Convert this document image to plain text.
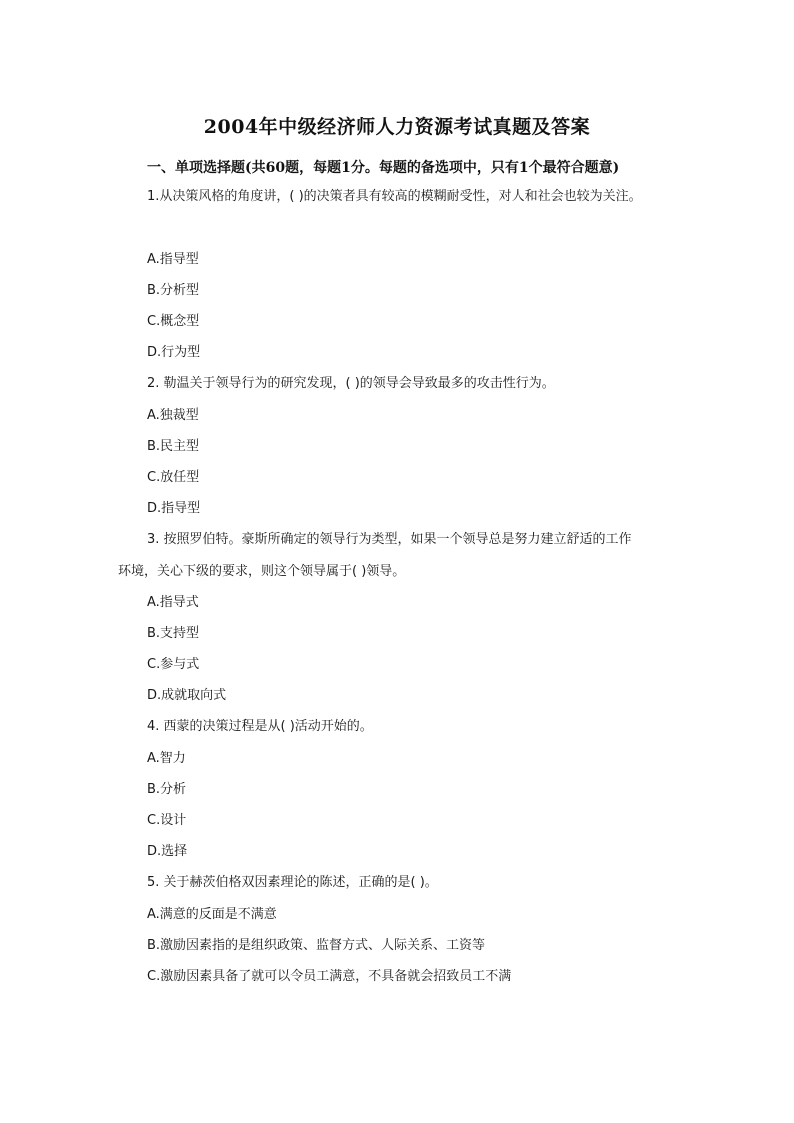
2004年中级经济师人力资源考试真题及答案
一、单项选择题(共60题，每题1分。每题的备选项中，只有1个最符合题意)

1.从决策风格的角度讲，( )的决策者具有较高的模糊耐受性，对人和社会也较为关注。

A.指导型

B.分析型

C.概念型

D.行为型

2. 勒温关于领导行为的研究发现，( )的领导会导致最多的攻击性行为。

A.独裁型

B.民主型

C.放任型

D.指导型

3. 按照罗伯特。豪斯所确定的领导行为类型，如果一个领导总是努力建立舒适的工作

环境，关心下级的要求，则这个领导属于( )领导。

A.指导式

B.支持型

C.参与式

D.成就取向式

4. 西蒙的决策过程是从( )活动开始的。

A.智力

B.分析

C.设计

D.选择

5. 关于赫茨伯格双因素理论的陈述，正确的是( )。

A.满意的反面是不满意

B.激励因素指的是组织政策、监督方式、人际关系、工资等

C.激励因素具备了就可以令员工满意，不具备就会招致员工不满
